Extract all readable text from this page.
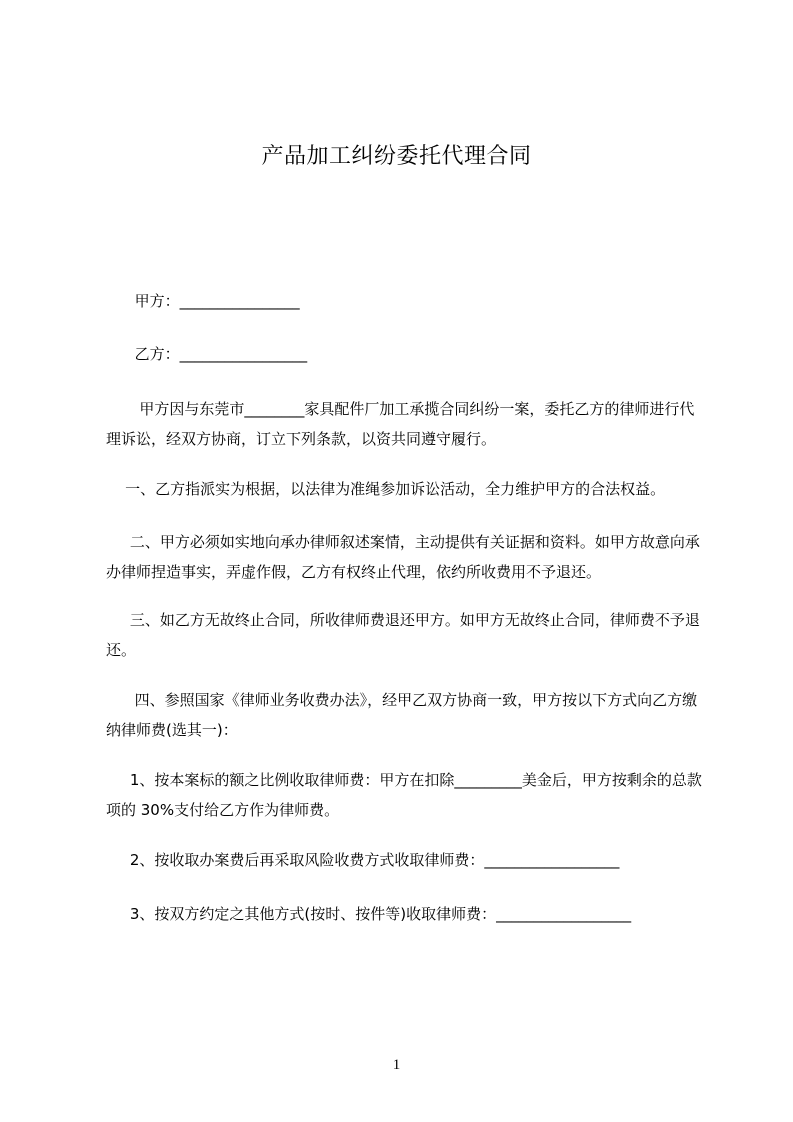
产品加工纠纷委托代理合同
甲方：________________
乙方：_________________
甲方因与东莞市________家具配件厂加工承揽合同纠纷一案，委托乙方的律师进行代理诉讼，经双方协商，订立下列条款，以资共同遵守履行。
一、乙方指派实为根据，以法律为准绳参加诉讼活动，全力维护甲方的合法权益。
二、甲方必须如实地向承办律师叙述案情，主动提供有关证据和资料。如甲方故意向承办律师捏造事实，弄虚作假，乙方有权终止代理，依约所收费用不予退还。
三、如乙方无故终止合同，所收律师费退还甲方。如甲方无故终止合同，律师费不予退还。
四、参照国家《律师业务收费办法》，经甲乙双方协商一致，甲方按以下方式向乙方缴纳律师费(选其一)：
1、按本案标的额之比例收取律师费：甲方在扣除_________美金后，甲方按剩余的总款项的 30%支付给乙方作为律师费。
2、按收取办案费后再采取风险收费方式收取律师费：__________________
3、按双方约定之其他方式(按时、按件等)收取律师费：__________________
1
